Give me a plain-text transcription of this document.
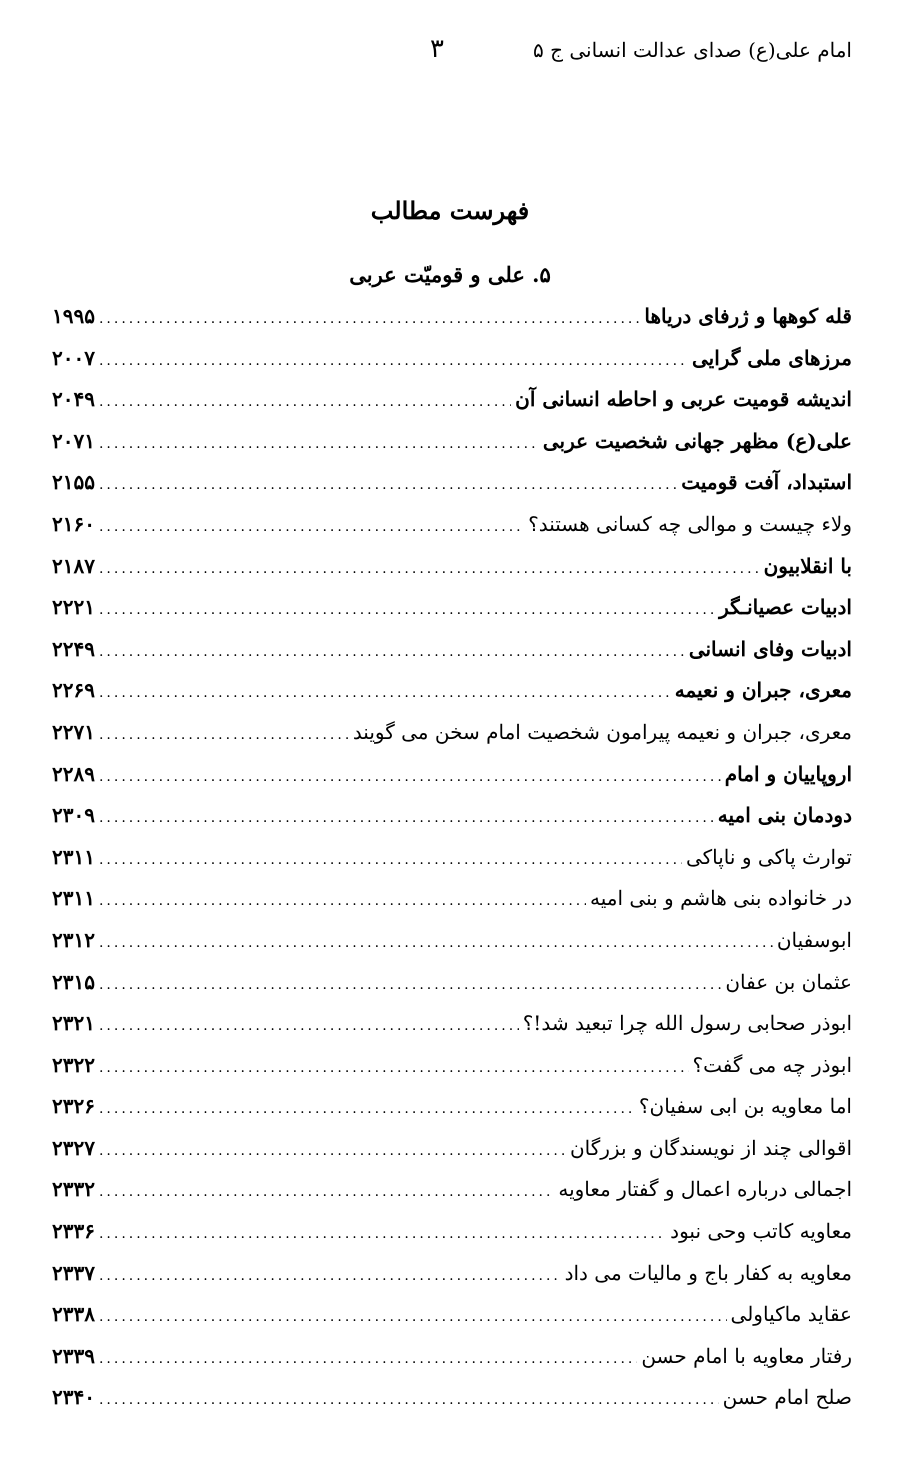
امام علی(ع) صدای عدالت انسانی ج ۵
۳
فهرست مطالب
۵. علی و قومیّت عربی
قله کوهها و ژرفای دریاها
.....
۱۹۹۵
مرزهای ملی گرایی
.....
۲۰۰۷
اندیشه قومیت عربی و احاطه انسانی آن
.....
۲۰۴۹
علی(ع) مظهر جهانی شخصیت عربی
.....
۲۰۷۱
استبداد، آفت قومیت
.....
۲۱۵۵
ولاء چیست و موالی چه کسانی هستند؟
.....
۲۱۶۰
با انقلابیون
.....
۲۱۸۷
ادبیات عصیانـگر
.....
۲۲۲۱
ادبیات وفای انسانی
.....
۲۲۴۹
معری، جبران و نعیمه
.....
۲۲۶۹
معری، جبران و نعیمه پیرامون شخصیت امام سخن می گویند
.....
۲۲۷۱
اروپاییان و امام
.....
۲۲۸۹
دودمان بنی امیه
.....
۲۳۰۹
توارث پاکی و ناپاکی
.....
۲۳۱۱
در خانواده بنی هاشم و بنی امیه
.....
۲۳۱۱
ابوسفیان
.....
۲۳۱۲
عثمان بن عفان
.....
۲۳۱۵
ابوذر صحابی رسول الله چرا تبعید شد!؟
.....
۲۳۲۱
ابوذر چه می گفت؟
.....
۲۳۲۲
اما معاویه بن ابی سفیان؟
.....
۲۳۲۶
اقوالی چند از نویسندگان و بزرگان
.....
۲۳۲۷
اجمالی درباره اعمال و گفتار معاویه
.....
۲۳۳۲
معاویه کاتب وحی نبود
.....
۲۳۳۶
معاویه به کفار باج و مالیات می داد
.....
۲۳۳۷
عقاید ماکیاولی
.....
۲۳۳۸
رفتار معاویه با امام حسن
.....
۲۳۳۹
صلح امام حسن
.....
۲۳۴۰
